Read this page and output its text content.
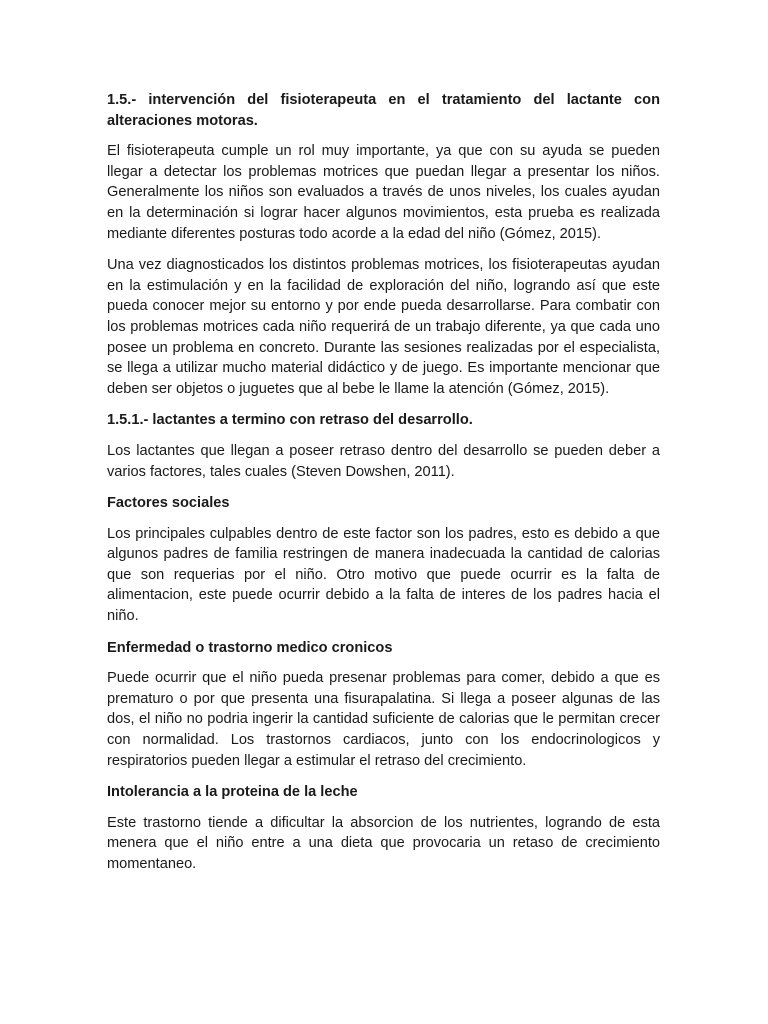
1.5.- intervención del fisioterapeuta en el tratamiento del lactante con alteraciones motoras.

El fisioterapeuta cumple un rol muy importante, ya que con su ayuda se pueden llegar a detectar los problemas motrices que puedan llegar a presentar los niños. Generalmente los niños son evaluados a través de unos niveles, los cuales ayudan en la determinación si lograr hacer algunos movimientos, esta prueba es realizada mediante diferentes posturas todo acorde a la edad del niño (Gómez, 2015).

Una vez diagnosticados los distintos problemas motrices, los fisioterapeutas ayudan en la estimulación y en la facilidad de exploración del niño, logrando así que este pueda conocer mejor su entorno y por ende pueda desarrollarse. Para combatir con los problemas motrices cada niño requerirá de un trabajo diferente, ya que cada uno posee un problema en concreto. Durante las sesiones realizadas por el especialista, se llega a utilizar mucho material didáctico y de juego. Es importante mencionar que deben ser objetos o juguetes que al bebe le llame la atención (Gómez, 2015).

1.5.1.- lactantes a termino con retraso del desarrollo.

Los lactantes que llegan a poseer retraso dentro del desarrollo se pueden deber a varios factores, tales cuales (Steven Dowshen, 2011).

Factores sociales

Los principales culpables dentro de este factor son los padres, esto es debido a que algunos padres de familia restringen de manera inadecuada la cantidad de calorias que son requerias por el niño. Otro motivo que puede ocurrir es la falta de alimentacion, este puede ocurrir debido a la falta de interes de los padres hacia el niño.

Enfermedad o trastorno medico cronicos

Puede ocurrir que el niño pueda presenar problemas para comer, debido a que es prematuro o por que presenta una fisurapalatina. Si llega a poseer algunas de las dos, el niño no podria ingerir la cantidad suficiente de calorias que le permitan crecer con normalidad. Los trastornos cardiacos, junto con los endocrinologicos y respiratorios pueden llegar a estimular el retraso del crecimiento.

Intolerancia a la proteina de la leche

Este trastorno tiende a dificultar la absorcion de los nutrientes, logrando de esta menera que el niño entre a una dieta que provocaria un retaso de crecimiento momentaneo.
